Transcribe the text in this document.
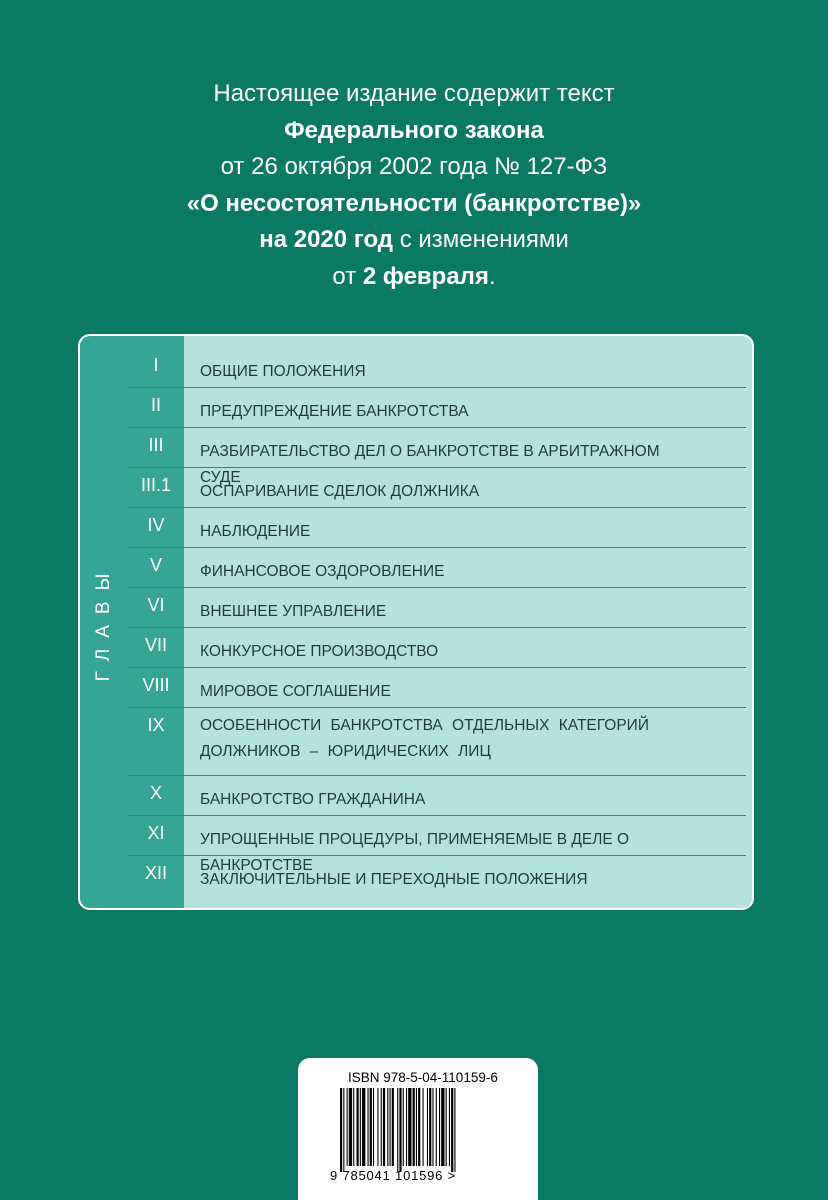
Настоящее издание содержит текст
Федерального закона
от 26 октября 2002 года № 127-ФЗ
«О несостоятельности (банкротстве)»
на 2020 год с изменениями
от 2 февраля.
ГЛАВЫ
I	ОБЩИЕ ПОЛОЖЕНИЯ
II	ПРЕДУПРЕЖДЕНИЕ БАНКРОТСТВА
III	РАЗБИРАТЕЛЬСТВО ДЕЛ О БАНКРОТСТВЕ В АРБИТРАЖНОМ СУДЕ
III.1	ОСПАРИВАНИЕ СДЕЛОК ДОЛЖНИКА
IV	НАБЛЮДЕНИЕ
V	ФИНАНСОВОЕ ОЗДОРОВЛЕНИЕ
VI	ВНЕШНЕЕ УПРАВЛЕНИЕ
VII	КОНКУРСНОЕ ПРОИЗВОДСТВО
VIII	МИРОВОЕ СОГЛАШЕНИЕ
IX	ОСОБЕННОСТИ БАНКРОТСТВА ОТДЕЛЬНЫХ КАТЕГОРИЙ ДОЛЖНИКОВ – ЮРИДИЧЕСКИХ ЛИЦ
X	БАНКРОТСТВО ГРАЖДАНИНА
XI	УПРОЩЕННЫЕ ПРОЦЕДУРЫ, ПРИМЕНЯЕМЫЕ В ДЕЛЕ О БАНКРОТСТВЕ
XII	ЗАКЛЮЧИТЕЛЬНЫЕ И ПЕРЕХОДНЫЕ ПОЛОЖЕНИЯ
ISBN 978-5-04-110159-6
9 785041 101596 >
